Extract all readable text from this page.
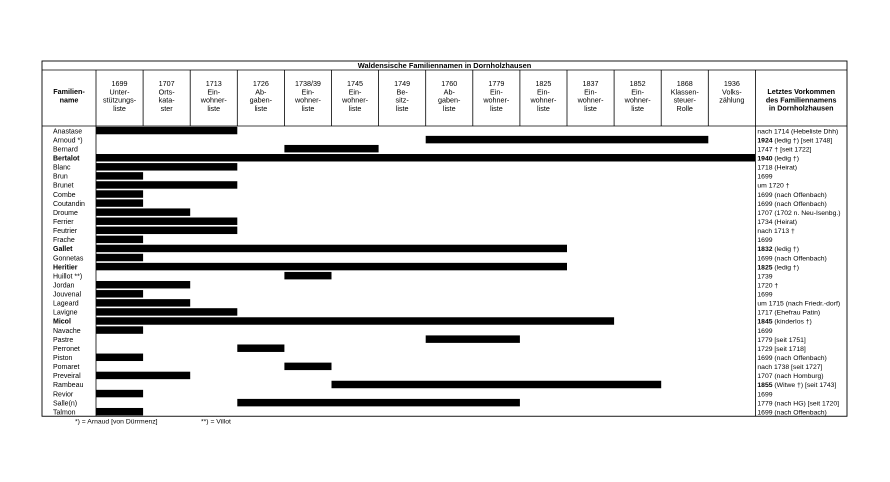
Waldensische Familiennamen in Dornholzhausen
Familien-
name
1699
Unter-
stützungs-
liste
1707
Orts-
kata-
ster
1713
Ein-
wohner-
liste
1726
Ab-
gaben-
liste
1738/39
Ein-
wohner-
liste
1745
Ein-
wohner-
liste
1749
Be-
sitz-
liste
1760
Ab-
gaben-
liste
1779
Ein-
wohner-
liste
1825
Ein-
wohner-
liste
1837
Ein-
wohner-
liste
1852
Ein-
wohner-
liste
1868
Klassen-
steuer-
Rolle
1936
Volks-
zählung
Letztes Vorkommen
des Familiennamens
in Dornholzhausen
Anastase	nach 1714 (Hebeliste Dhh)
Arnoud *)	1924 (ledig †) [seit 1748]
Bernard	1747 † [seit 1722]
Bertalot	1940 (ledig †)
Blanc	1718 (Heirat)
Brun	1699
Brunet	um 1720 †
Combe	1699 (nach Offenbach)
Coutandin	1699 (nach Offenbach)
Droume	1707 (1702 n. Neu-Isenbg.)
Ferrier	1734 (Heirat)
Feutrier	nach 1713 †
Frache	1699
Gallet	1832 (ledig †)
Gonnetas	1699 (nach Offenbach)
Heritier	1825 (ledig †)
Huillot **)	1739
Jordan	1720 †
Jouvenal	1699
Lageard	um 1715 (nach Friedr.-dorf)
Lavigne	1717 (Ehefrau Patin)
Micol	1845 (kinderlos †)
Navache	1699
Pastre	1779 [seit 1751]
Perronet	1729 [seit 1718]
Piston	1699 (nach Offenbach)
Pomaret	nach 1738 [seit 1727]
Preveiral	1707 (nach Homburg)
Rambeau	1855 (Witwe †) [seit 1743]
Revior	1699
Salle(n)	1779 (nach HG) [seit 1720]
Talmon	1699 (nach Offenbach)
*) = Arnaud [von Dürrmenz]	**) = Villot
